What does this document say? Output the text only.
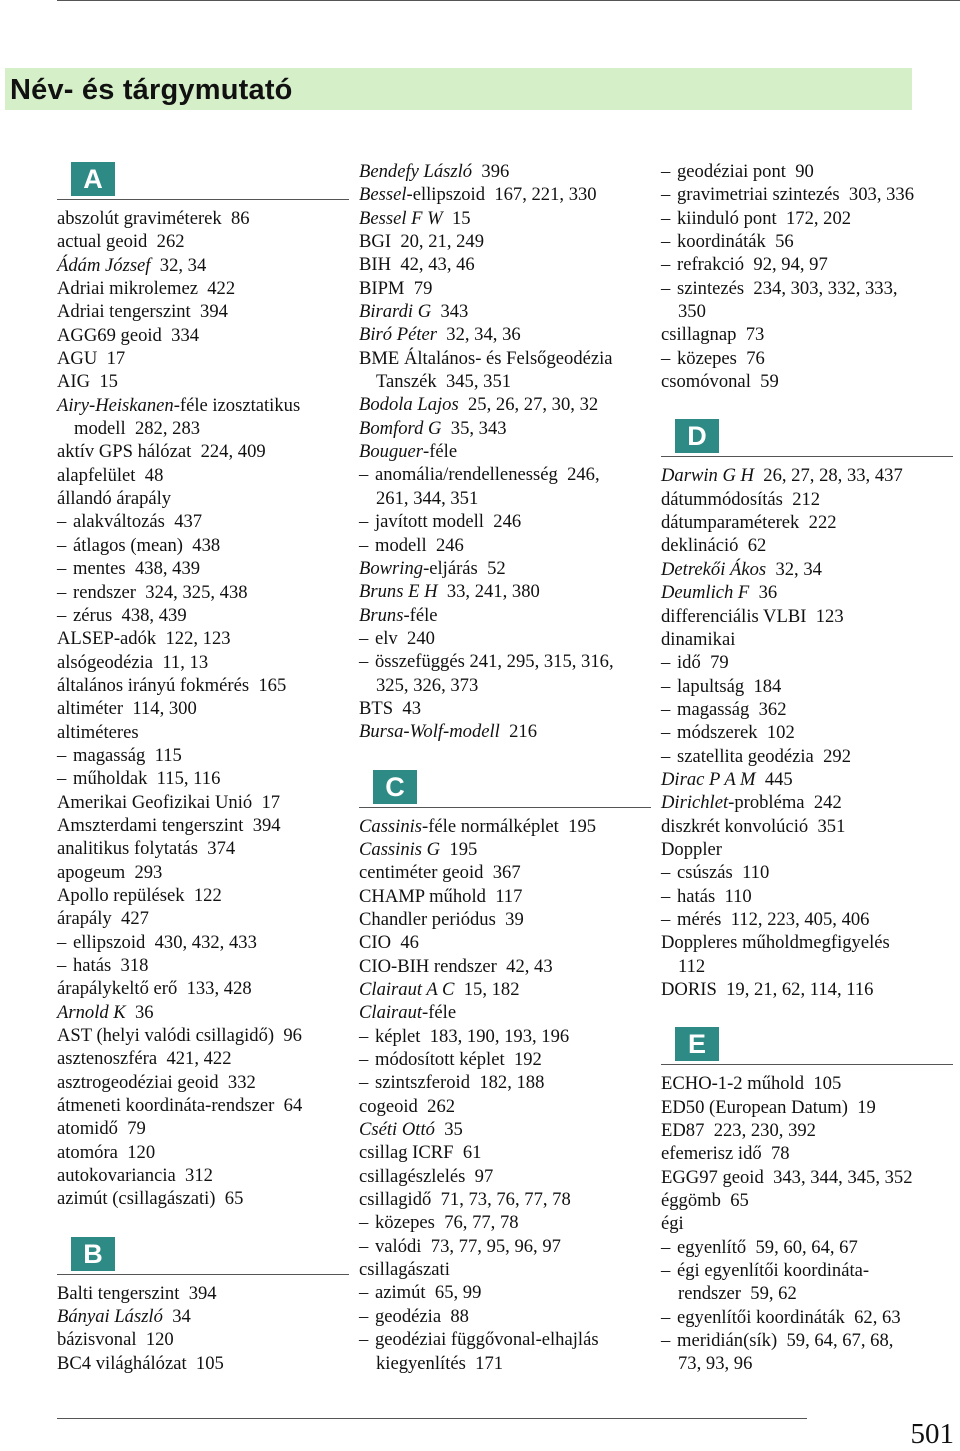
Név- és tárgymutató
A
abszolút graviméterek 86
actual geoid 262
Ádám József 32, 34
Adriai mikrolemez 422
Adriai tengerszint 394
AGG69 geoid 334
AGU 17
AIG 15
Airy-Heiskanen-féle izosztatikus
modell 282, 283
aktív GPS hálózat 224, 409
alapfelület 48
állandó árapály
– alakváltozás 437
– átlagos (mean) 438
– mentes 438, 439
– rendszer 324, 325, 438
– zérus 438, 439
ALSEP-adók 122, 123
alsógeodézia 11, 13
általános irányú fokmérés 165
altiméter 114, 300
altiméteres
– magasság 115
– műholdak 115, 116
Amerikai Geofizikai Unió 17
Amszterdami tengerszint 394
analitikus folytatás 374
apogeum 293
Apollo repülések 122
árapály 427
– ellipszoid 430, 432, 433
– hatás 318
árapálykeltő erő 133, 428
Arnold K 36
AST (helyi valódi csillagidő) 96
asztenoszféra 421, 422
asztrogeodéziai geoid 332
átmeneti koordináta-rendszer 64
atomidő 79
atomóra 120
autokovariancia 312
azimút (csillagászati) 65
B
Balti tengerszint 394
Bányai László 34
bázisvonal 120
BC4 világhálózat 105
Bendefy László 396
Bessel-ellipszoid 167, 221, 330
Bessel F W 15
BGI 20, 21, 249
BIH 42, 43, 46
BIPM 79
Birardi G 343
Biró Péter 32, 34, 36
BME Általános- és Felsőgeodézia
Tanszék 345, 351
Bodola Lajos 25, 26, 27, 30, 32
Bomford G 35, 343
Bouguer-féle
– anomália/rendellenesség 246,
261, 344, 351
– javított modell 246
– modell 246
Bowring-eljárás 52
Bruns E H 33, 241, 380
Bruns-féle
– elv 240
– összefüggés 241, 295, 315, 316,
325, 326, 373
BTS 43
Bursa-Wolf-modell 216
C
Cassinis-féle normálképlet 195
Cassinis G 195
centiméter geoid 367
CHAMP műhold 117
Chandler periódus 39
CIO 46
CIO-BIH rendszer 42, 43
Clairaut A C 15, 182
Clairaut-féle
– képlet 183, 190, 193, 196
– módosított képlet 192
– szintszferoid 182, 188
cogeoid 262
Cséti Ottó 35
csillag ICRF 61
csillagészlelés 97
csillagidő 71, 73, 76, 77, 78
– közepes 76, 77, 78
– valódi 73, 77, 95, 96, 97
csillagászati
– azimút 65, 99
– geodézia 88
– geodéziai függővonal-elhajlás
kiegyenlítés 171
– geodéziai pont 90
– gravimetriai szintezés 303, 336
– kiinduló pont 172, 202
– koordináták 56
– refrakció 92, 94, 97
– szintezés 234, 303, 332, 333,
350
csillagnap 73
– közepes 76
csomóvonal 59
D
Darwin G H 26, 27, 28, 33, 437
dátummódosítás 212
dátumparaméterek 222
deklináció 62
Detrekői Ákos 32, 34
Deumlich F 36
differenciális VLBI 123
dinamikai
– idő 79
– lapultság 184
– magasság 362
– módszerek 102
– szatellita geodézia 292
Dirac P A M 445
Dirichlet-probléma 242
diszkrét konvolúció 351
Doppler
– csúszás 110
– hatás 110
– mérés 112, 223, 405, 406
Doppleres műholdmegfigyelés
112
DORIS 19, 21, 62, 114, 116
E
ECHO-1-2 műhold 105
ED50 (European Datum) 19
ED87 223, 230, 392
efemerisz idő 78
EGG97 geoid 343, 344, 345, 352
éggömb 65
égi
– egyenlítő 59, 60, 64, 67
– égi egyenlítői koordináta-
rendszer 59, 62
– egyenlítői koordináták 62, 63
– meridián(sík) 59, 64, 67, 68,
73, 93, 96
501
